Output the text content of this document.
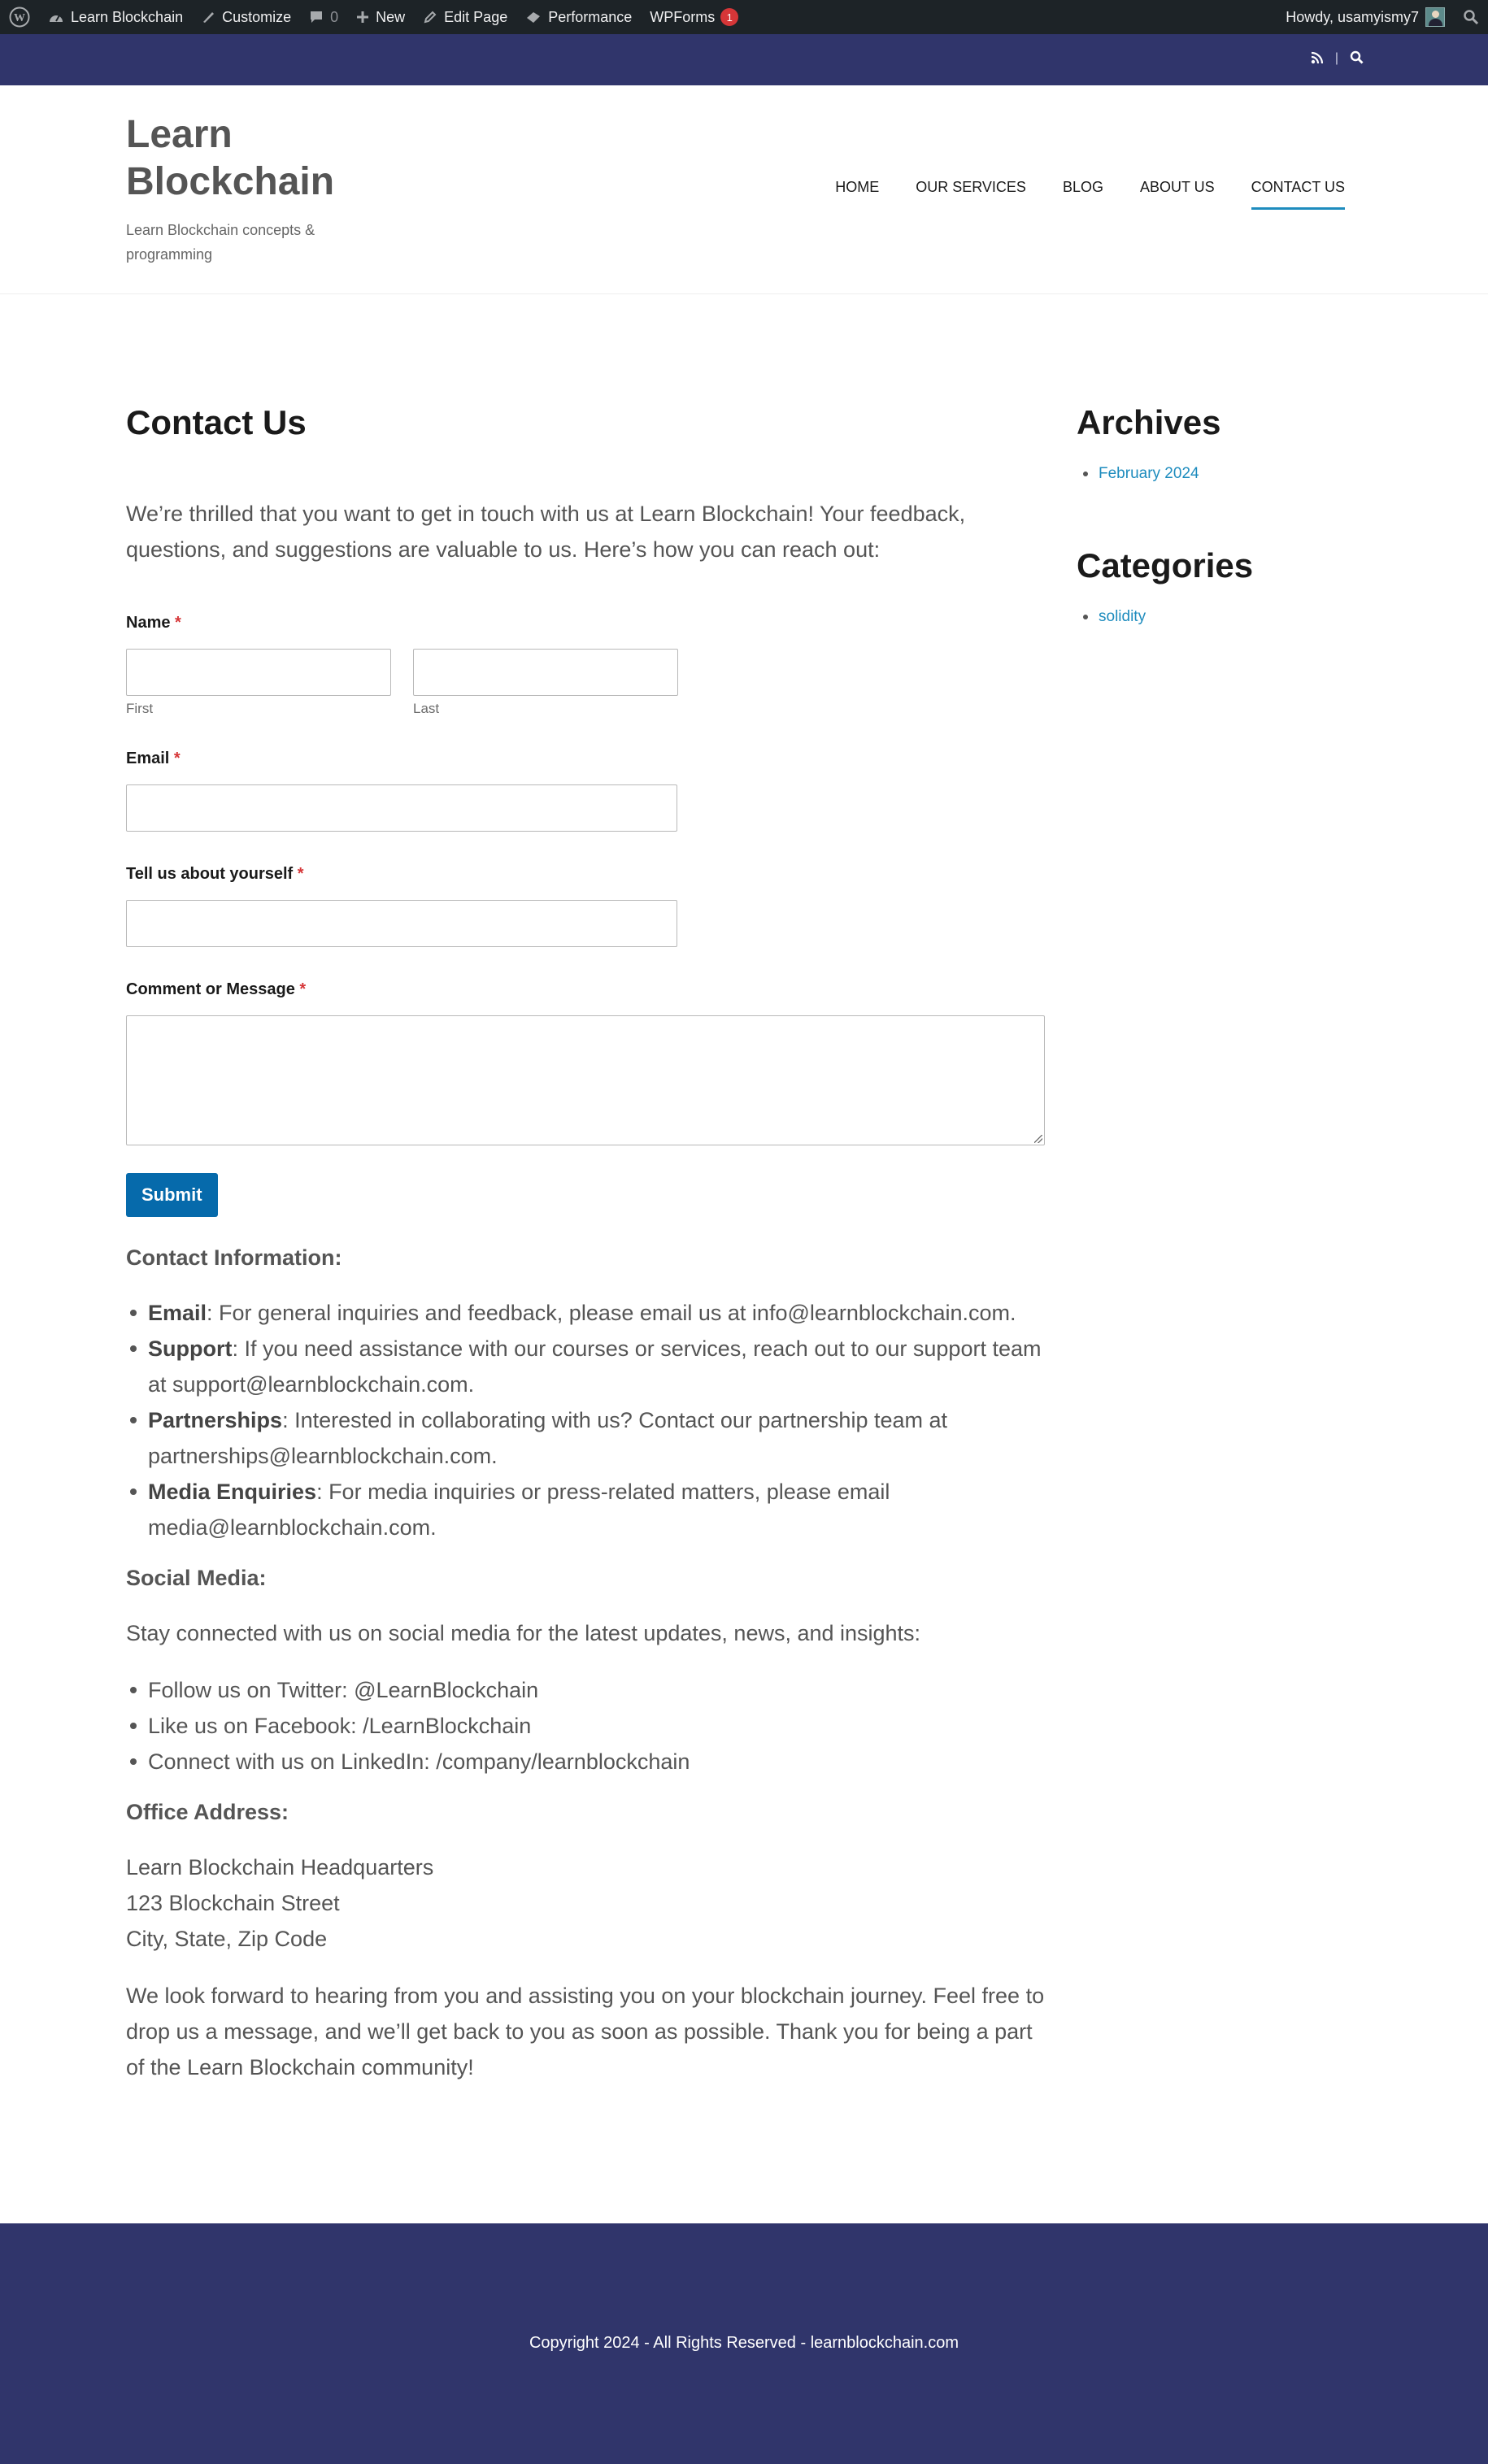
W	Learn Blockchain	Customize	0	New	Edit Page	Performance WPForms	1	Howdy, usamyismy7
|
Learn Blockchain
Learn Blockchain concepts & programming
HOME	OUR SERVICES	BLOG	ABOUT US	CONTACT US
Contact Us

We’re thrilled that you want to get in touch with us at Learn Blockchain! Your feedback, questions, and suggestions are valuable to us. Here’s how you can reach out:

Name *
First	Last
Email *
Tell us about yourself *
Comment or Message *
Submit
Contact Information:
Email: For general inquiries and feedback, please email us at info@learnblockchain.com.
Support: If you need assistance with our courses or services, reach out to our support team at support@learnblockchain.com.
Partnerships: Interested in collaborating with us? Contact our partnership team at partnerships@learnblockchain.com.
Media Enquiries: For media inquiries or press-related matters, please email media@learnblockchain.com.
Social Media:

Stay connected with us on social media for the latest updates, news, and insights:

Follow us on Twitter: @LearnBlockchain
Like us on Facebook: /LearnBlockchain
Connect with us on LinkedIn: /company/learnblockchain
Office Address:

Learn Blockchain Headquarters
123 Blockchain Street
City, State, Zip Code

We look forward to hearing from you and assisting you on your blockchain journey. Feel free to drop us a message, and we’ll get back to you as soon as possible. Thank you for being a part of the Learn Blockchain community!

Archives
February 2024
Categories
solidity
Copyright 2024 - All Rights Reserved - learnblockchain.com
